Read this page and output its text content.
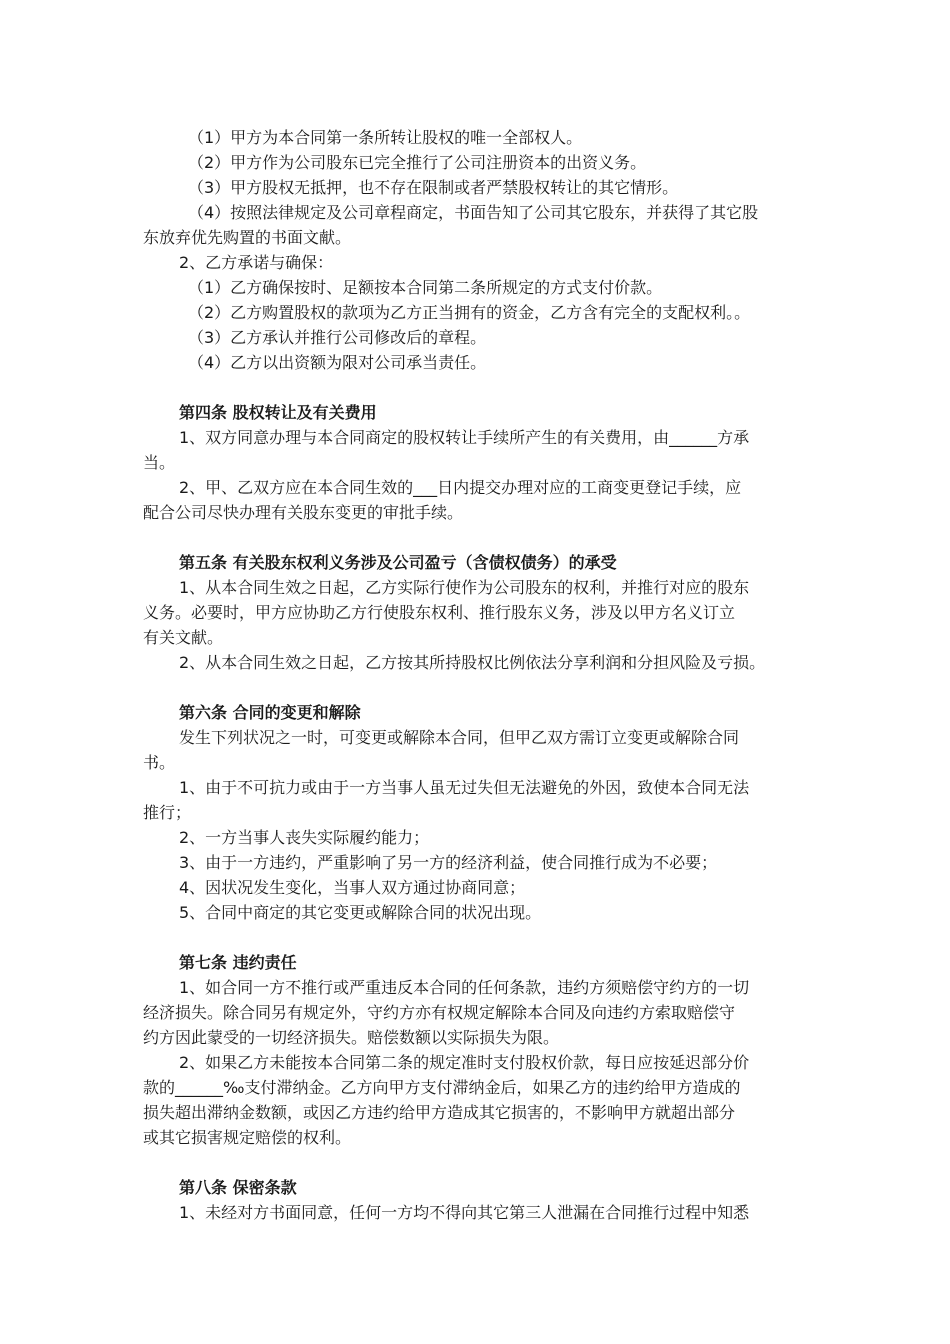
（1）甲方为本合同第一条所转让股权的唯一全部权人。
（2）甲方作为公司股东已完全推行了公司注册资本的出资义务。
（3）甲方股权无抵押，也不存在限制或者严禁股权转让的其它情形。
（4）按照法律规定及公司章程商定，书面告知了公司其它股东，并获得了其它股
东放弃优先购置的书面文献。
2、乙方承诺与确保：
（1）乙方确保按时、足额按本合同第二条所规定的方式支付价款。
（2）乙方购置股权的款项为乙方正当拥有的资金，乙方含有完全的支配权利。。
（3）乙方承认并推行公司修改后的章程。
（4）乙方以出资额为限对公司承当责任。
第四条 股权转让及有关费用
1、双方同意办理与本合同商定的股权转让手续所产生的有关费用，由______方承
当。
2、甲、乙双方应在本合同生效的___日内提交办理对应的工商变更登记手续，应
配合公司尽快办理有关股东变更的审批手续。
第五条 有关股东权利义务涉及公司盈亏（含债权债务）的承受
1、从本合同生效之日起，乙方实际行使作为公司股东的权利，并推行对应的股东
义务。必要时，甲方应协助乙方行使股东权利、推行股东义务，涉及以甲方名义订立
有关文献。
2、从本合同生效之日起，乙方按其所持股权比例依法分享利润和分担风险及亏损。
第六条 合同的变更和解除
发生下列状况之一时，可变更或解除本合同，但甲乙双方需订立变更或解除合同
书。
1、由于不可抗力或由于一方当事人虽无过失但无法避免的外因，致使本合同无法
推行；
2、一方当事人丧失实际履约能力；
3、由于一方违约，严重影响了另一方的经济利益，使合同推行成为不必要；
4、因状况发生变化，当事人双方通过协商同意；
5、合同中商定的其它变更或解除合同的状况出现。
第七条 违约责任
1、如合同一方不推行或严重违反本合同的任何条款，违约方须赔偿守约方的一切
经济损失。除合同另有规定外，守约方亦有权规定解除本合同及向违约方索取赔偿守
约方因此蒙受的一切经济损失。赔偿数额以实际损失为限。
2、如果乙方未能按本合同第二条的规定准时支付股权价款，每日应按延迟部分价
款的______‰支付滞纳金。乙方向甲方支付滞纳金后，如果乙方的违约给甲方造成的
损失超出滞纳金数额，或因乙方违约给甲方造成其它损害的，不影响甲方就超出部分
或其它损害规定赔偿的权利。
第八条 保密条款
1、未经对方书面同意，任何一方均不得向其它第三人泄漏在合同推行过程中知悉
